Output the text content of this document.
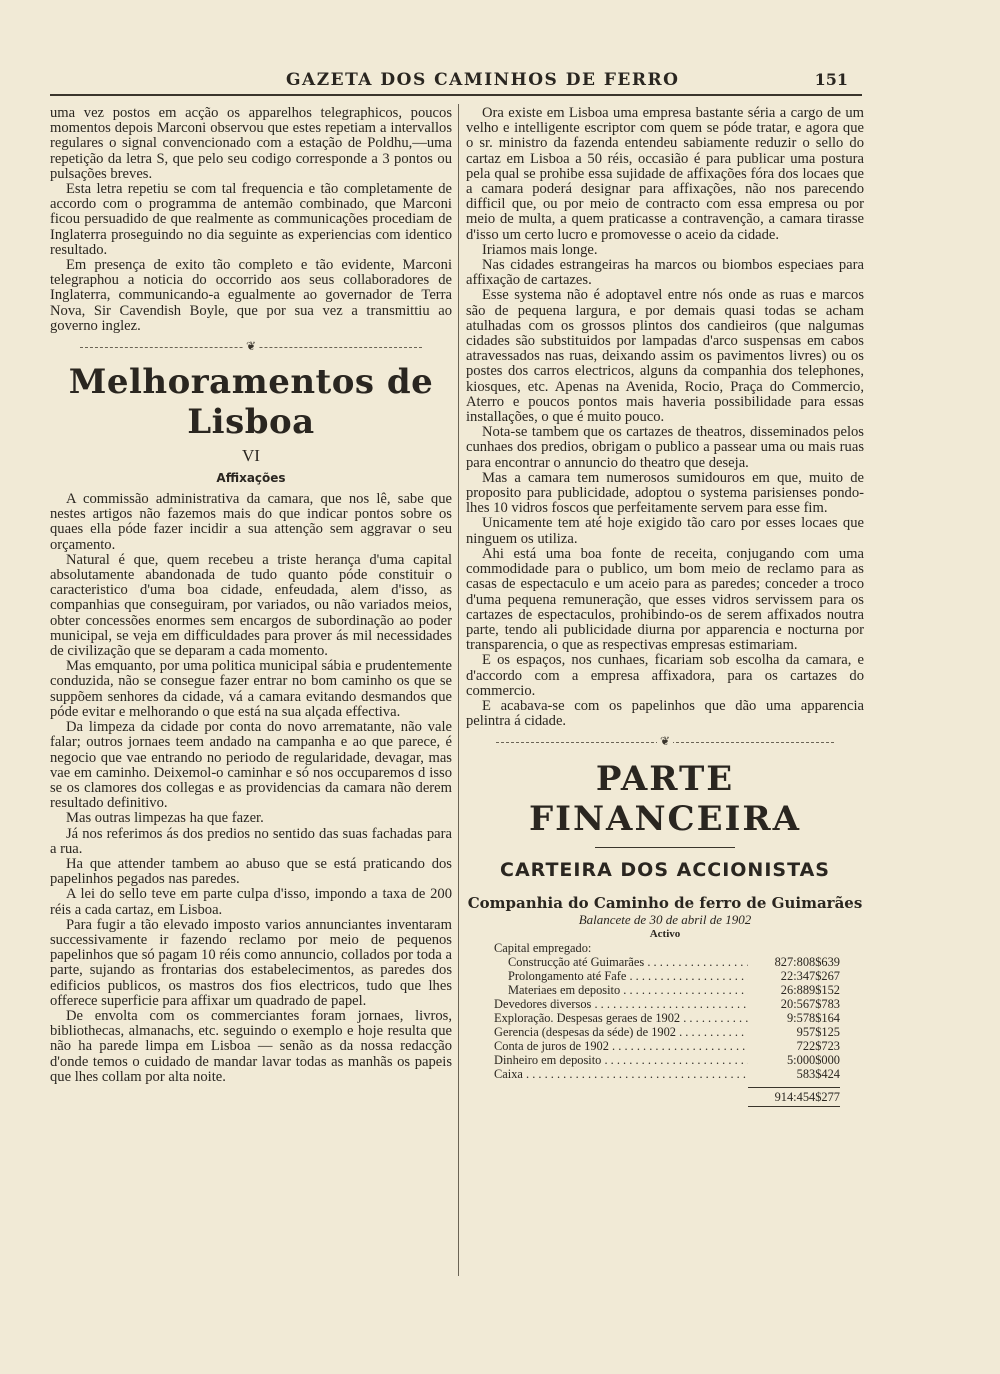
GAZETA DOS CAMINHOS DE FERRO	151

uma vez postos em acção os apparelhos telegraphicos, poucos momentos depois Marconi observou que estes repetiam a intervallos regulares o signal convencionado com a estação de Poldhu,—uma repetição da letra S, que pelo seu codigo corresponde a 3 pontos ou pulsações breves.

Esta letra repetiu se com tal frequencia e tão completamente de accordo com o programma de antemão combinado, que Marconi ficou persuadido de que realmente as communicações procediam de Inglaterra proseguindo no dia seguinte as experiencias com identico resultado.

Em presença de exito tão completo e tão evidente, Marconi telegraphou a noticia do occorrido aos seus collaboradores de Inglaterra, communicando-a egualmente ao governador de Terra Nova, Sir Cavendish Boyle, que por sua vez a transmittiu ao governo inglez.

❦
Melhoramentos de Lisboa
VI
Affixações

A commissão administrativa da camara, que nos lê, sabe que nestes artigos não fazemos mais do que indicar pontos sobre os quaes ella póde fazer incidir a sua attenção sem aggravar o seu orçamento.

Natural é que, quem recebeu a triste herança d'uma capital absolutamente abandonada de tudo quanto póde constituir o caracteristico d'uma boa cidade, enfeudada, alem d'isso, as companhias que conseguiram, por variados, ou não variados meios, obter concessões enormes sem encargos de subordinação ao poder municipal, se veja em difficuldades para prover ás mil necessidades de civilização que se deparam a cada momento.

Mas emquanto, por uma politica municipal sábia e prudentemente conduzida, não se consegue fazer entrar no bom caminho os que se suppõem senhores da cidade, vá a camara evitando desmandos que póde evitar e melhorando o que está na sua alçada effectiva.

Da limpeza da cidade por conta do novo arrematante, não vale falar; outros jornaes teem andado na campanha e ao que parece, é negocio que vae entrando no periodo de regularidade, devagar, mas vae em caminho. Deixemol-o caminhar e só nos occuparemos d isso se os clamores dos collegas e as providencias da camara não derem resultado definitivo.

Mas outras limpezas ha que fazer.

Já nos referimos ás dos predios no sentido das suas fachadas para a rua.

Ha que attender tambem ao abuso que se está praticando dos papelinhos pegados nas paredes.

A lei do sello teve em parte culpa d'isso, impondo a taxa de 200 réis a cada cartaz, em Lisboa.

Para fugir a tão elevado imposto varios annunciantes inventaram successivamente ir fazendo reclamo por meio de pequenos papelinhos que só pagam 10 réis como annuncio, collados por toda a parte, sujando as frontarias dos estabelecimentos, as paredes dos edificios publicos, os mastros dos fios electricos, tudo que lhes offerece superficie para affixar um quadrado de papel.

De envolta com os commerciantes foram jornaes, livros, bibliothecas, almanachs, etc. seguindo o exemplo e hoje resulta que não ha parede limpa em Lisboa — senão as da nossa redacção d'onde temos o cuidado de mandar lavar todas as manhãs os papeis que lhes collam por alta noite.

Ora existe em Lisboa uma empresa bastante séria a cargo de um velho e intelligente escriptor com quem se póde tratar, e agora que o sr. ministro da fazenda entendeu sabiamente reduzir o sello do cartaz em Lisboa a 50 réis, occasião é para publicar uma postura pela qual se prohibe essa sujidade de affixações fóra dos locaes que a camara poderá designar para affixações, não nos parecendo difficil que, ou por meio de contracto com essa empresa ou por meio de multa, a quem praticasse a contravenção, a camara tirasse d'isso um certo lucro e promovesse o aceio da cidade.

Iriamos mais longe.

Nas cidades estrangeiras ha marcos ou biombos especiaes para affixação de cartazes.

Esse systema não é adoptavel entre nós onde as ruas e marcos são de pequena largura, e por demais quasi todas se acham atulhadas com os grossos plintos dos candieiros (que nalgumas cidades são substituidos por lampadas d'arco suspensas em cabos atravessados nas ruas, deixando assim os pavimentos livres) ou os postes dos carros electricos, alguns da companhia dos telephones, kiosques, etc. Apenas na Avenida, Rocio, Praça do Commercio, Aterro e poucos pontos mais haveria possibilidade para essas installações, o que é muito pouco.

Nota-se tambem que os cartazes de theatros, disseminados pelos cunhaes dos predios, obrigam o publico a passear uma ou mais ruas para encontrar o annuncio do theatro que deseja.

Mas a camara tem numerosos sumidouros em que, muito de proposito para publicidade, adoptou o systema parisienses pondo-lhes 10 vidros foscos que perfeitamente servem para esse fim.

Unicamente tem até hoje exigido tão caro por esses locaes que ninguem os utiliza.

Ahi está uma boa fonte de receita, conjugando com uma commodidade para o publico, um bom meio de reclamo para as casas de espectaculo e um aceio para as paredes; conceder a troco d'uma pequena remuneração, que esses vidros servissem para os cartazes de espectaculos, prohibindo-os de serem affixados noutra parte, tendo ali publicidade diurna por apparencia e nocturna por transparencia, o que as respectivas empresas estimariam.

E os espaços, nos cunhaes, ficariam sob escolha da camara, e d'accordo com a empresa affixadora, para os cartazes do commercio.

E acabava-se com os papelinhos que dão uma apparencia pelintra á cidade.

❦
PARTE FINANCEIRA
CARTEIRA DOS ACCIONISTAS
Companhia do Caminho de ferro de Guimarães
Balancete de 30 de abril de 1902
Activo
Capital empregado:
Construcção até Guimarães . . .	827:808$639
Prolongamento até Fafe . . .	22:347$267
Materiaes em deposito . . .	26:889$152
Devedores diversos . . .	20:567$783
Exploração. Despesas geraes de 1902 . . .	9:578$164
Gerencia (despesas da séde) de 1902 . . .	957$125
Conta de juros de 1902 . . .	722$723
Dinheiro em deposito . . .	5:000$000
Caixa . . .	583$424
914:454$277
